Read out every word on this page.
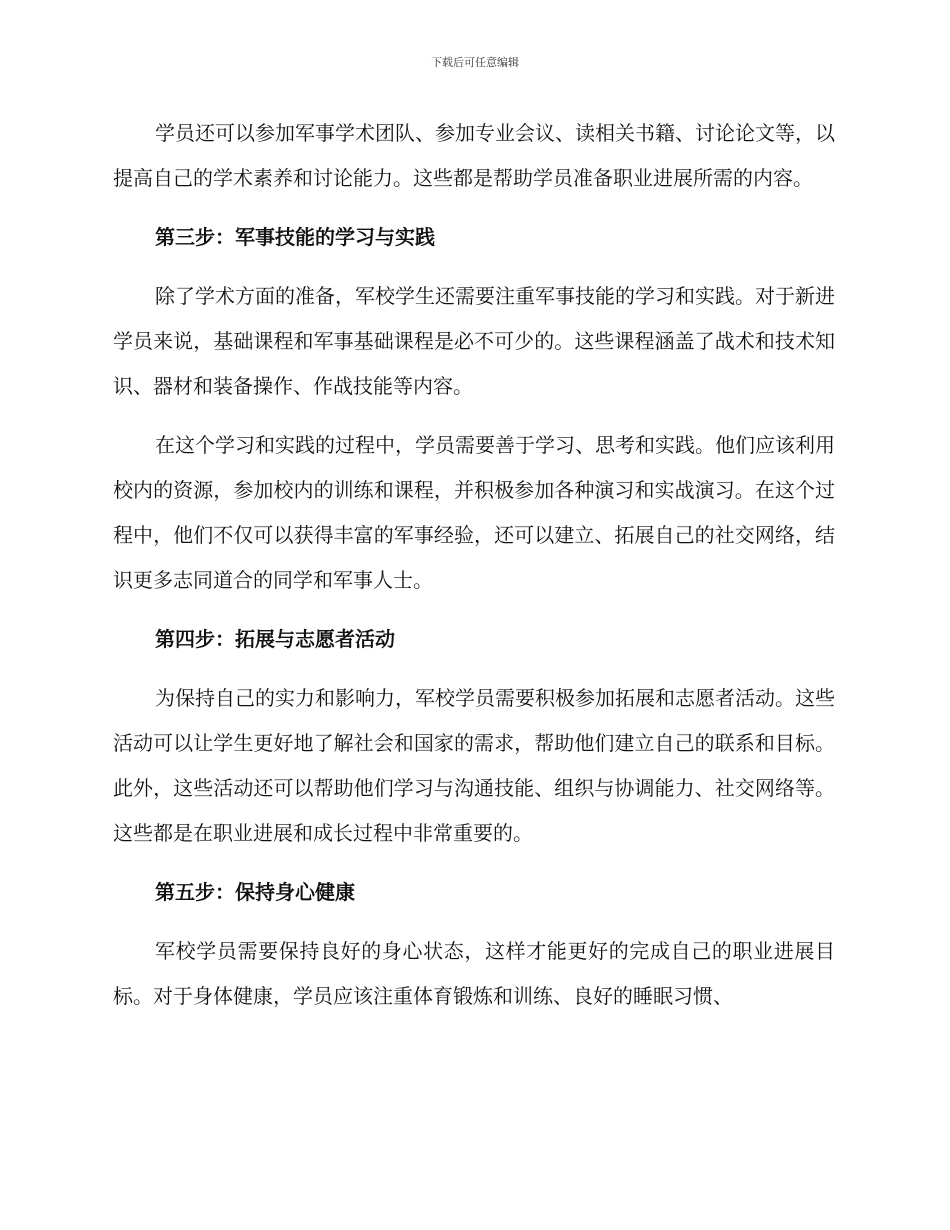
下载后可任意编辑

学员还可以参加军事学术团队、参加专业会议、读相关书籍、讨论论文等，以提高自己的学术素养和讨论能力。这些都是帮助学员准备职业进展所需的内容。

第三步：军事技能的学习与实践

除了学术方面的准备，军校学生还需要注重军事技能的学习和实践。对于新进学员来说，基础课程和军事基础课程是必不可少的。这些课程涵盖了战术和技术知识、器材和装备操作、作战技能等内容。

在这个学习和实践的过程中，学员需要善于学习、思考和实践。他们应该利用校内的资源，参加校内的训练和课程，并积极参加各种演习和实战演习。在这个过程中，他们不仅可以获得丰富的军事经验，还可以建立、拓展自己的社交网络，结识更多志同道合的同学和军事人士。

第四步：拓展与志愿者活动

为保持自己的实力和影响力，军校学员需要积极参加拓展和志愿者活动。这些活动可以让学生更好地了解社会和国家的需求，帮助他们建立自己的联系和目标。此外，这些活动还可以帮助他们学习与沟通技能、组织与协调能力、社交网络等。这些都是在职业进展和成长过程中非常重要的。

第五步：保持身心健康

军校学员需要保持良好的身心状态，这样才能更好的完成自己的职业进展目标。对于身体健康，学员应该注重体育锻炼和训练、良好的睡眠习惯、
